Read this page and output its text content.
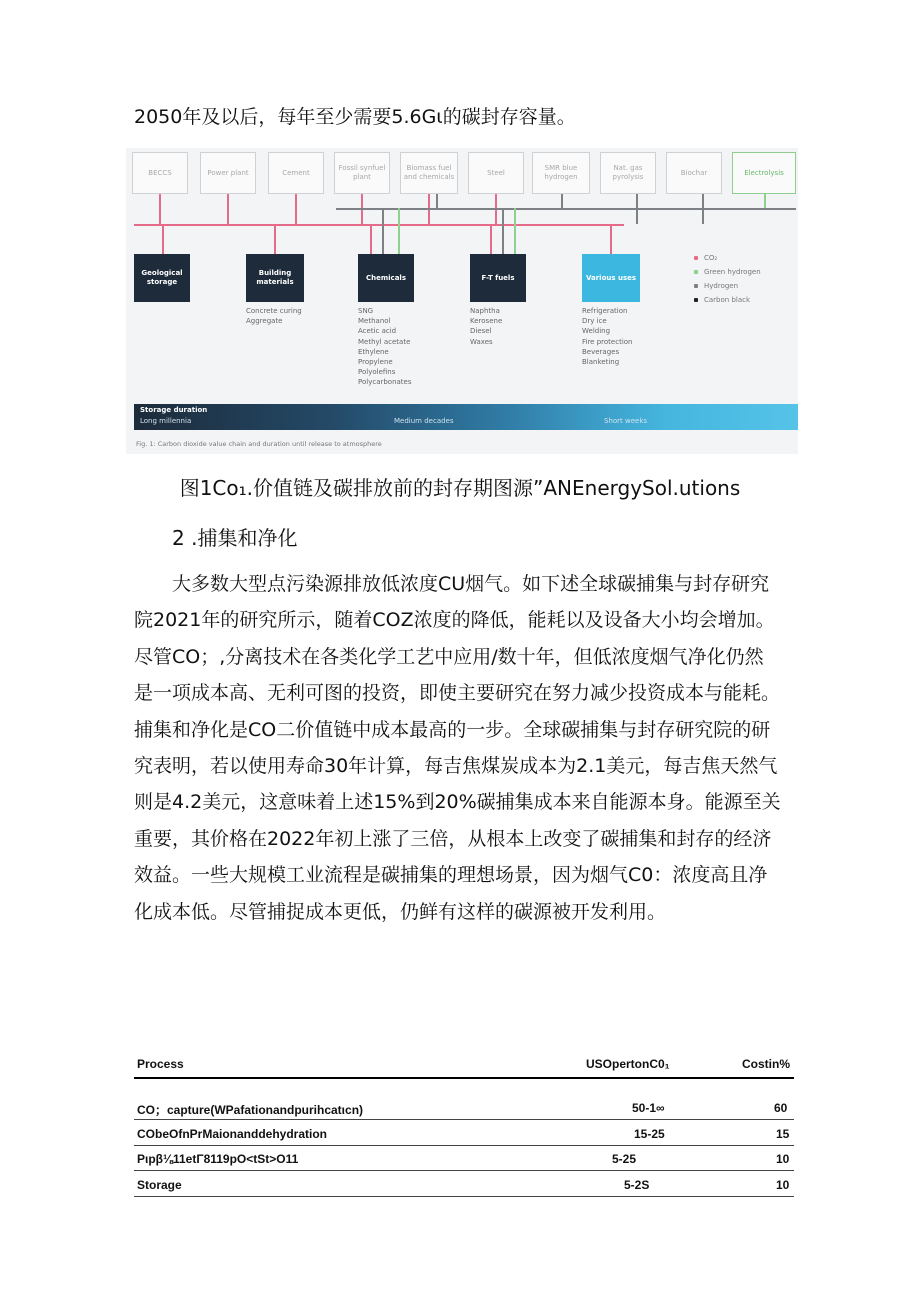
2050年及以后，每年至少需要5.6Gι的碳封存容量。
BECCS	Power plant	Cement
Fossil synfuel plant
Biomass fuel and chemicals
Steel
SMR blue hydrogen
Nat. gas pyrolysis
Biochar	Electrolysis
Geological storage
Building materials
Chemicals	F-T fuels	Various uses
Concrete curing
Aggregate
SNG
Methanol
Acetic acid
Methyl acetate
Ethylene
Propylene
Polyolefins
Polycarbonates
Naphtha
Kerosene
Diesel
Waxes
Refrigeration
Dry ice
Welding
Fire protection
Beverages
Blanketing
CO₂
Green hydrogen
Hydrogen
Carbon black
Storage duration
Long millennia	Medium decades	Short weeks
Fig. 1: Carbon dioxide value chain and duration until release to atmosphere
图1Co₁.价值链及碳排放前的封存期图源”ANEnergySol.utions
2 .捕集和净化
大多数大型点污染源排放低浓度CU烟气。如下述全球碳捕集与封存研究
院2021年的研究所示，随着COZ浓度的降低，能耗以及设备大小均会增加。
尽管CO；,分离技术在各类化学工艺中应用/数十年，但低浓度烟气净化仍然
是一项成本高、无利可图的投资，即使主要研究在努力减少投资成本与能耗。
捕集和净化是CO二价值链中成本最高的一步。全球碳捕集与封存研究院的研
究表明，若以使用寿命30年计算，每吉焦煤炭成本为2.1美元，每吉焦天然气
则是4.2美元，这意味着上述15%到20%碳捕集成本来自能源本身。能源至关
重要，其价格在2022年初上涨了三倍，从根本上改变了碳捕集和封存的经济
效益。一些大规模工业流程是碳捕集的理想场景，因为烟气C0：浓度高且净
化成本低。尽管捕捉成本更低，仍鲜有这样的碳源被开发利用。
Process	USOpertonC0₁	Costin%
CO；capture(WPafationandpurihcatιcn)	50-1∞	60
CObeOfnPrMaionanddehydration	15-25	15
Pιpβ⅛11etΓ8119pO<tSt>O11	5-25	10
Storage	5-2S	10
